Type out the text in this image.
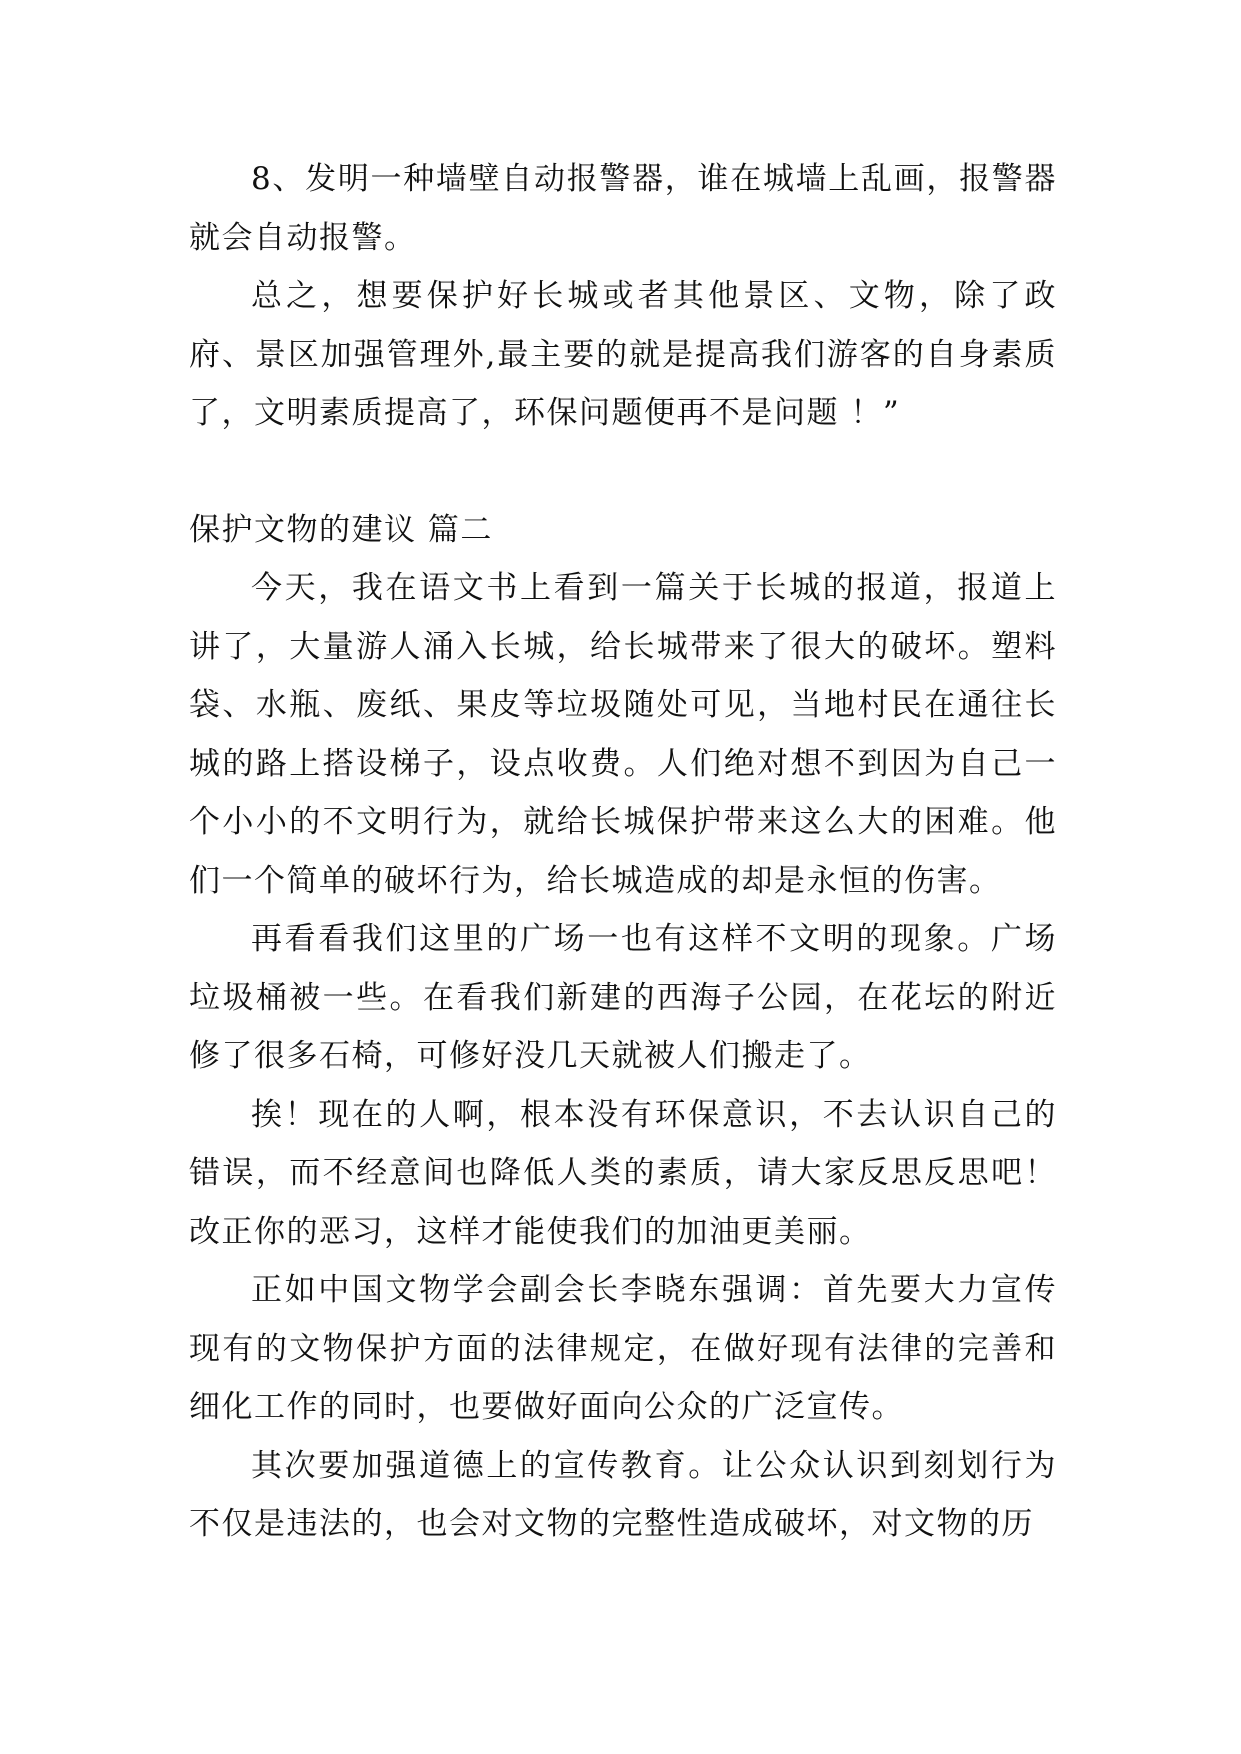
8、发明一种墙壁自动报警器，谁在城墙上乱画，报警器就会自动报警。

总之，想要保护好长城或者其他景区、文物，除了政府、景区加强管理外,最主要的就是提高我们游客的自身素质了，文明素质提高了，环保问题便再不是问题 ！”

保护文物的建议 篇二

今天，我在语文书上看到一篇关于长城的报道，报道上讲了，大量游人涌入长城，给长城带来了很大的破坏。塑料袋、水瓶、废纸、果皮等垃圾随处可见，当地村民在通往长城的路上搭设梯子，设点收费。人们绝对想不到因为自己一个小小的不文明行为，就给长城保护带来这么大的困难。他们一个简单的破坏行为，给长城造成的却是永恒的伤害。

再看看我们这里的广场一也有这样不文明的现象。广场垃圾桶被一些。在看我们新建的西海子公园，在花坛的附近修了很多石椅，可修好没几天就被人们搬走了。

挨！现在的人啊，根本没有环保意识，不去认识自己的错误，而不经意间也降低人类的素质，请大家反思反思吧！改正你的恶习，这样才能使我们的加油更美丽。

正如中国文物学会副会长李晓东强调：首先要大力宣传现有的文物保护方面的法律规定，在做好现有法律的完善和细化工作的同时，也要做好面向公众的广泛宣传。

其次要加强道德上的宣传教育。让公众认识到刻划行为不仅是违法的，也会对文物的完整性造成破坏，对文物的历
